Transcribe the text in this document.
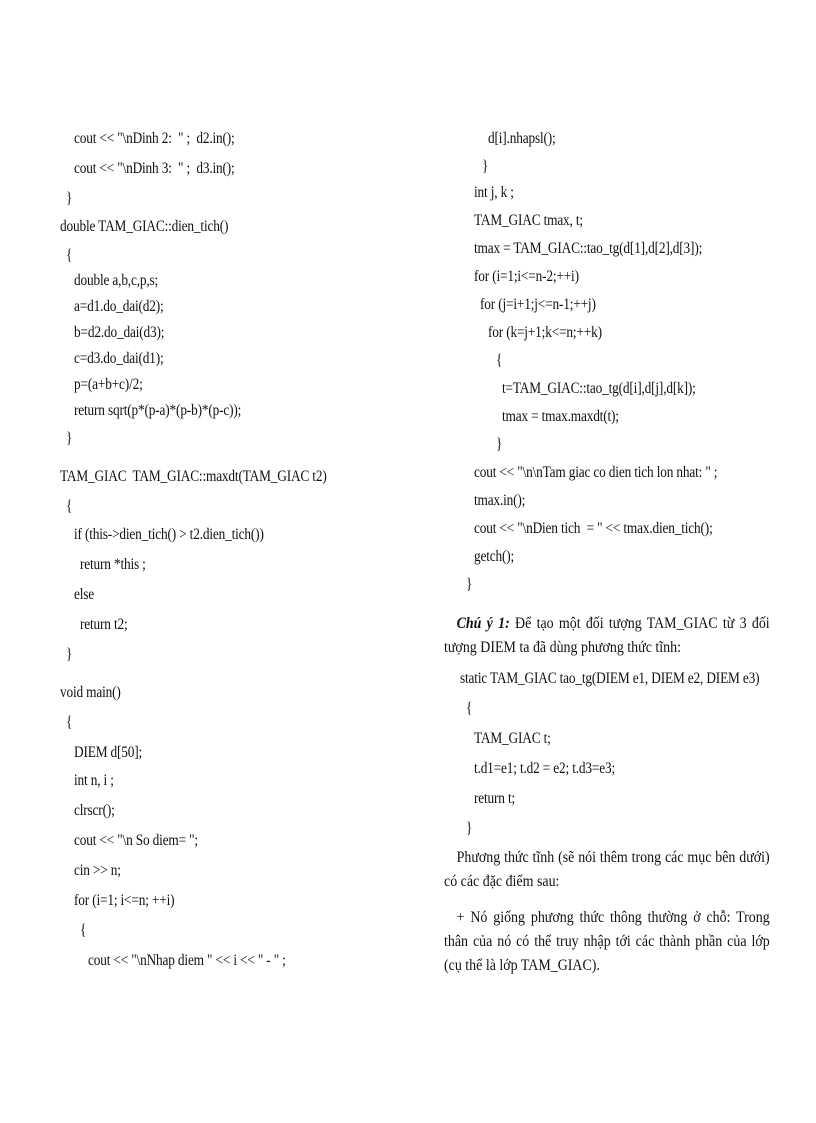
cout << "\nDinh 2:  " ;  d2.in();
cout << "\nDinh 3:  " ;  d3.in();
}
double TAM_GIAC::dien_tich()
{
double a,b,c,p,s;
a=d1.do_dai(d2);
b=d2.do_dai(d3);
c=d3.do_dai(d1);
p=(a+b+c)/2;
return sqrt(p*(p-a)*(p-b)*(p-c));
}
TAM_GIAC  TAM_GIAC::maxdt(TAM_GIAC t2)
{
if (this->dien_tich() > t2.dien_tich())
return *this ;
else
return t2;
}
void main()
{
DIEM d[50];
int n, i ;
clrscr();
cout << "\n So diem= ";
cin >> n;
for (i=1; i<=n; ++i)
{
cout << "\nNhap diem " << i << " - " ;
d[i].nhapsl();
}
int j, k ;
TAM_GIAC tmax, t;
tmax = TAM_GIAC::tao_tg(d[1],d[2],d[3]);
for (i=1;i<=n-2;++i)
for (j=i+1;j<=n-1;++j)
for (k=j+1;k<=n;++k)
{
t=TAM_GIAC::tao_tg(d[i],d[j],d[k]);
tmax = tmax.maxdt(t);
}
cout << "\n\nTam giac co dien tich lon nhat: " ;
tmax.in();
cout << "\nDien tich  = " << tmax.dien_tich();
getch();
}
Chú ý 1: Để tạo một đối tượng TAM_GIAC từ 3 đối tượng DIEM ta đã dùng phương thức tĩnh:
static TAM_GIAC tao_tg(DIEM e1, DIEM e2, DIEM e3)
{
TAM_GIAC t;
t.d1=e1; t.d2 = e2; t.d3=e3;
return t;
}
Phương thức tĩnh (sẽ nói thêm trong các mục bên dưới) có các đặc điểm sau:
+ Nó giống phương thức thông thường ở chỗ: Trong thân của nó có thể truy nhập tới các thành phần của lớp (cụ thể là lớp TAM_GIAC).
